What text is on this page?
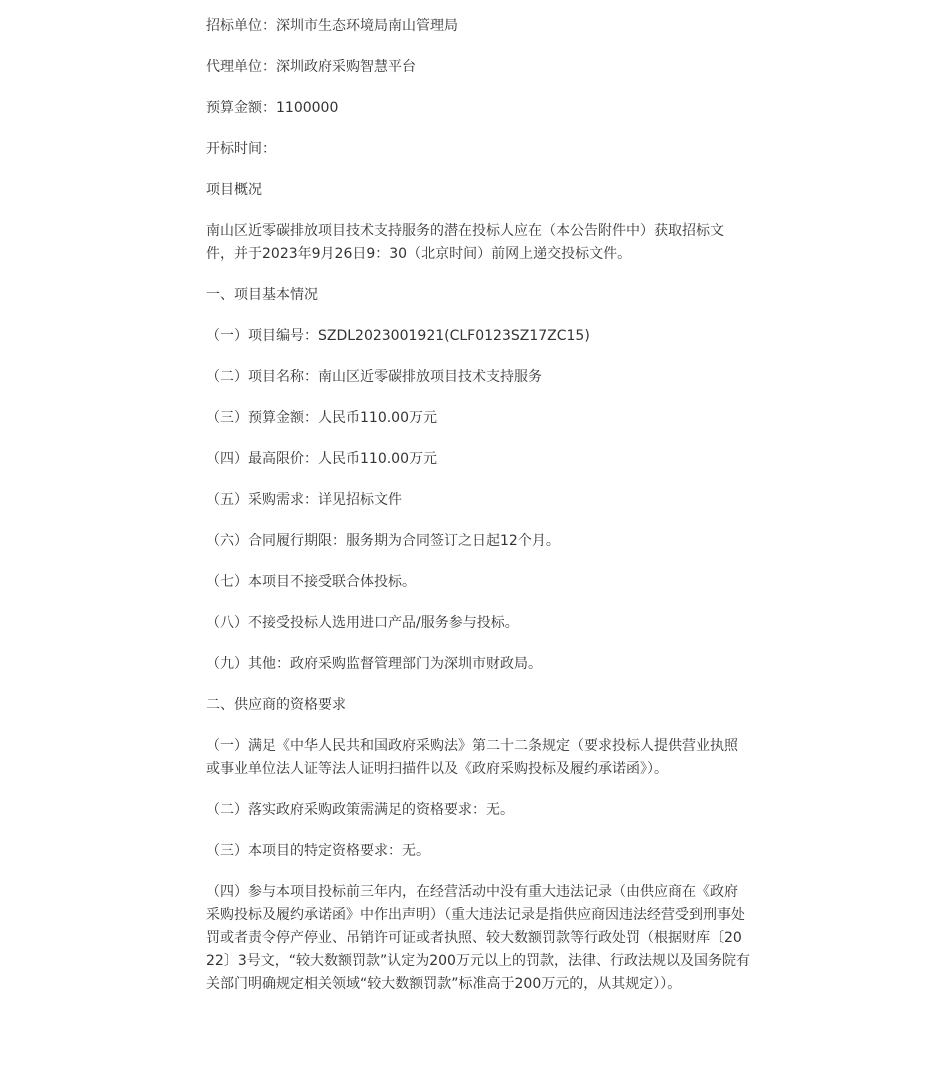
招标单位：深圳市生态环境局南山管理局

代理单位：深圳政府采购智慧平台

预算金额：1100000

开标时间：

项目概况

南山区近零碳排放项目技术支持服务的潜在投标人应在（本公告附件中）获取招标文件，并于2023年9月26日9：30（北京时间）前网上递交投标文件。

一、项目基本情况

（一）项目编号：SZDL2023001921(CLF0123SZ17ZC15)

（二）项目名称：南山区近零碳排放项目技术支持服务

（三）预算金额：人民币110.00万元

（四）最高限价：人民币110.00万元

（五）采购需求：详见招标文件

（六）合同履行期限：服务期为合同签订之日起12个月。

（七）本项目不接受联合体投标。

（八）不接受投标人选用进口产品/服务参与投标。

（九）其他：政府采购监督管理部门为深圳市财政局。

二、供应商的资格要求

（一）满足《中华人民共和国政府采购法》第二十二条规定（要求投标人提供营业执照或事业单位法人证等法人证明扫描件以及《政府采购投标及履约承诺函》）。

（二）落实政府采购政策需满足的资格要求：无。

（三）本项目的特定资格要求：无。

（四）参与本项目投标前三年内，在经营活动中没有重大违法记录（由供应商在《政府采购投标及履约承诺函》中作出声明）（重大违法记录是指供应商因违法经营受到刑事处罚或者责令停产停业、吊销许可证或者执照、较大数额罚款等行政处罚（根据财库〔2022〕3号文，“较大数额罚款”认定为200万元以上的罚款，法律、行政法规以及国务院有关部门明确规定相关领域“较大数额罚款”标准高于200万元的，从其规定））。
